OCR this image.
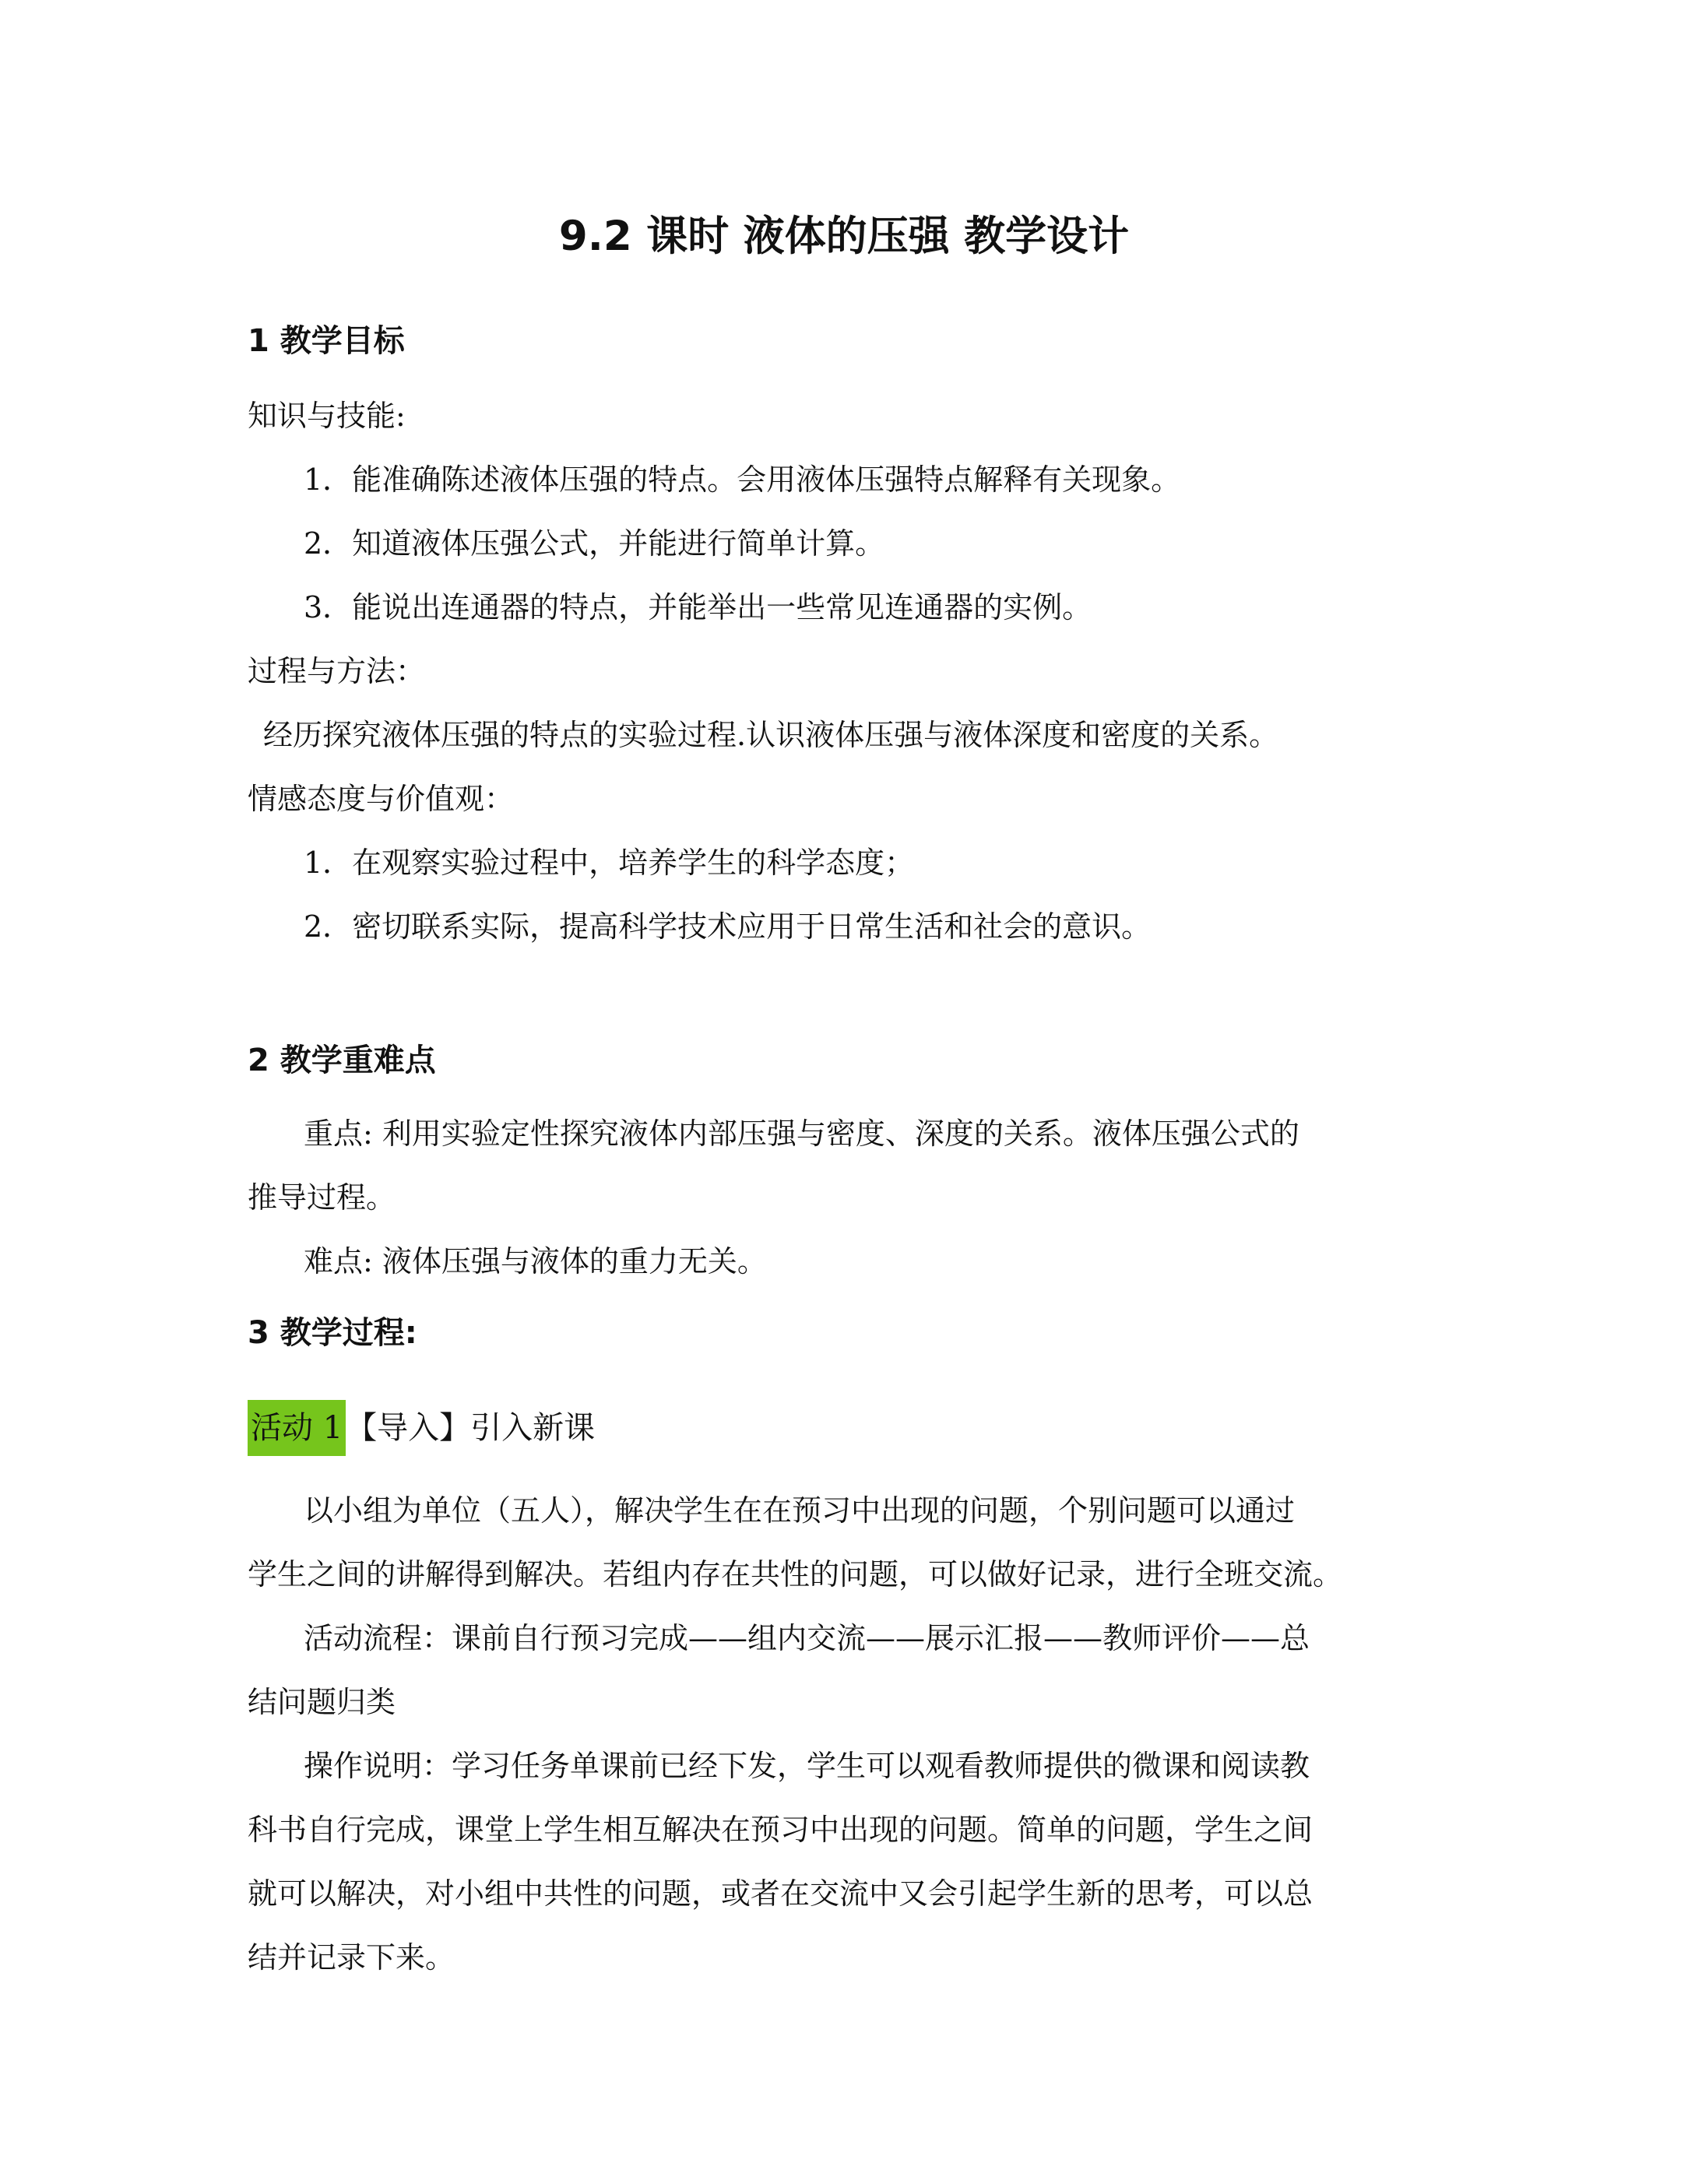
9.2 课时 液体的压强 教学设计
1 教学目标
知识与技能:
1．能准确陈述液体压强的特点。会用液体压强特点解释有关现象。
2．知道液体压强公式，并能进行简单计算。
3．能说出连通器的特点，并能举出一些常见连通器的实例。
过程与方法：
经历探究液体压强的特点的实验过程.认识液体压强与液体深度和密度的关系。
情感态度与价值观：
1．在观察实验过程中，培养学生的科学态度；
2．密切联系实际，提高科学技术应用于日常生活和社会的意识。
2 教学重难点
重点: 利用实验定性探究液体内部压强与密度、深度的关系。液体压强公式的
推导过程。
难点: 液体压强与液体的重力无关。
3 教学过程:
活动 1 【导入】引入新课
以小组为单位（五人），解决学生在在预习中出现的问题，个别问题可以通过
学生之间的讲解得到解决。若组内存在共性的问题，可以做好记录，进行全班交流。
活动流程：课前自行预习完成——组内交流——展示汇报——教师评价——总
结问题归类
操作说明：学习任务单课前已经下发，学生可以观看教师提供的微课和阅读教
科书自行完成，课堂上学生相互解决在预习中出现的问题。简单的问题，学生之间
就可以解决，对小组中共性的问题，或者在交流中又会引起学生新的思考，可以总
结并记录下来。
